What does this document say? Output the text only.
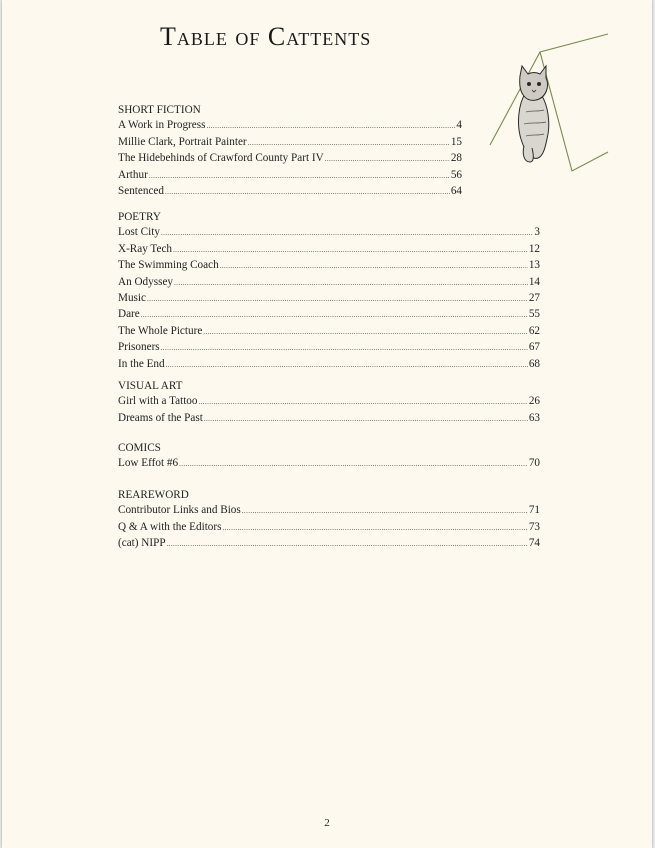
Table of Cattents
SHORT FICTION
A Work in Progress .....	4
Millie Clark, Portrait Painter .....	15
The Hidebehinds of Crawford County Part IV .....	28
Arthur .....	56
Sentenced .....	64
POETRY
Lost City .....	3
X-Ray Tech .....	12
The Swimming Coach .....	13
An Odyssey .....	14
Music .....	27
Dare .....	55
The Whole Picture .....	62
Prisoners .....	67
In the End .....	68
VISUAL ART
Girl with a Tattoo .....	26
Dreams of the Past .....	63
COMICS
Low Effot #6 .....	70
REAREWORD
Contributor Links and Bios .....	71
Q & A with the Editors .....	73
(cat) NIPP .....	74
2
